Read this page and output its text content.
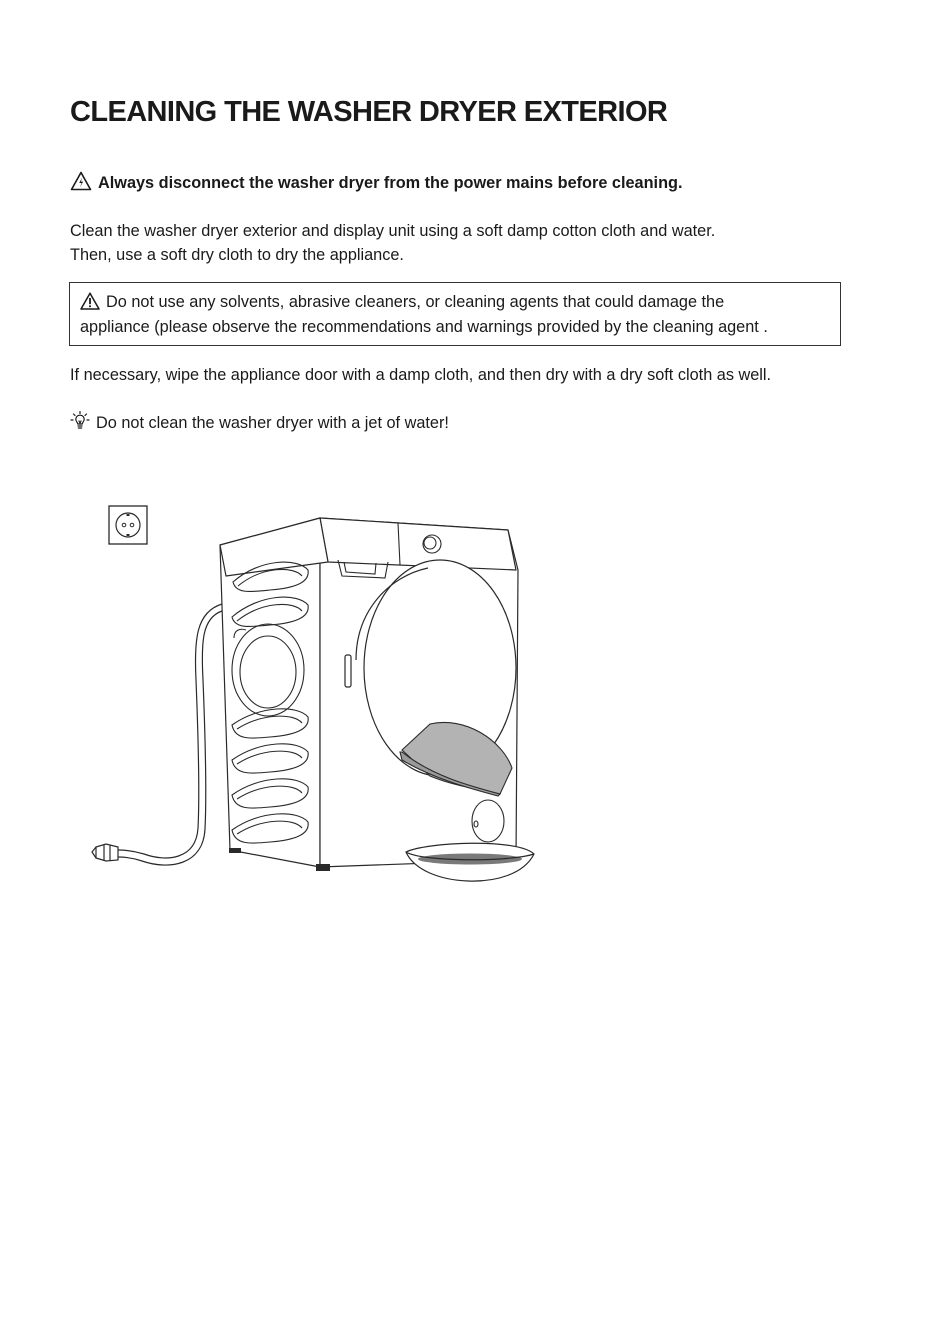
CLEANING THE WASHER DRYER EXTERIOR
Always disconnect the washer dryer from the power mains before cleaning.
Clean the washer dryer exterior and display unit using a soft damp cotton cloth and water.
Then, use a soft dry cloth to dry the appliance.
Do not use any solvents, abrasive cleaners, or cleaning agents that could damage the
appliance (please observe the recommendations and warnings provided by the cleaning agent .
If necessary, wipe the appliance door with a damp cloth, and then dry with a dry soft cloth as well.
Do not clean the washer dryer with a jet of water!
